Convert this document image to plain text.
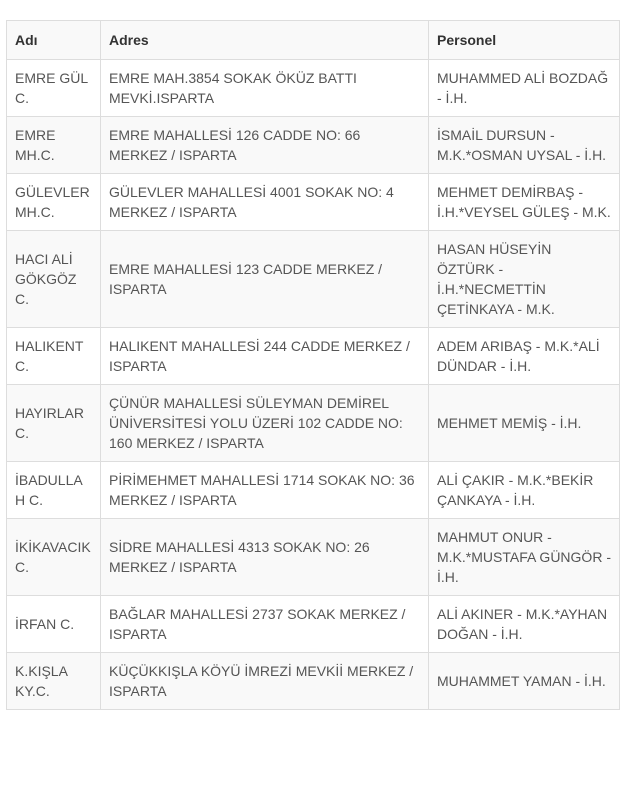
Adı	Adres	Personel
EMRE GÜL C.	EMRE MAH.3854 SOKAK ÖKÜZ BATTI MEVKİ.ISPARTA	MUHAMMED ALİ BOZDAĞ - İ.H.
EMRE MH.C.	EMRE MAHALLESİ 126 CADDE NO: 66 MERKEZ / ISPARTA	İSMAİL DURSUN - M.K.*OSMAN UYSAL - İ.H.
GÜLEVLER MH.C.	GÜLEVLER MAHALLESİ 4001 SOKAK NO: 4 MERKEZ / ISPARTA	MEHMET DEMİRBAŞ - İ.H.*VEYSEL GÜLEŞ - M.K.
HACI ALİ GÖKGÖZ C.	EMRE MAHALLESİ 123 CADDE MERKEZ / ISPARTA	HASAN HÜSEYİN ÖZTÜRK - İ.H.*NECMETTİN ÇETİNKAYA - M.K.
HALIKENT C.	HALIKENT MAHALLESİ 244 CADDE MERKEZ / ISPARTA	ADEM ARIBAŞ - M.K.*ALİ DÜNDAR - İ.H.
HAYIRLAR C.	ÇÜNÜR MAHALLESİ SÜLEYMAN DEMİREL ÜNİVERSİTESİ YOLU ÜZERİ 102 CADDE NO: 160 MERKEZ / ISPARTA	MEHMET MEMİŞ - İ.H.
İBADULLAH C.	PİRİMEHMET MAHALLESİ 1714 SOKAK NO: 36 MERKEZ / ISPARTA	ALİ ÇAKIR - M.K.*BEKİR ÇANKAYA - İ.H.
İKİKAVACIK C.	SİDRE MAHALLESİ 4313 SOKAK NO: 26 MERKEZ / ISPARTA	MAHMUT ONUR - M.K.*MUSTAFA GÜNGÖR - İ.H.
İRFAN C.	BAĞLAR MAHALLESİ 2737 SOKAK MERKEZ / ISPARTA	ALİ AKINER - M.K.*AYHAN DOĞAN - İ.H.
K.KIŞLA KY.C.	KÜÇÜKKIŞLA KÖYÜ İMREZİ MEVKİİ MERKEZ / ISPARTA	MUHAMMET YAMAN - İ.H.
